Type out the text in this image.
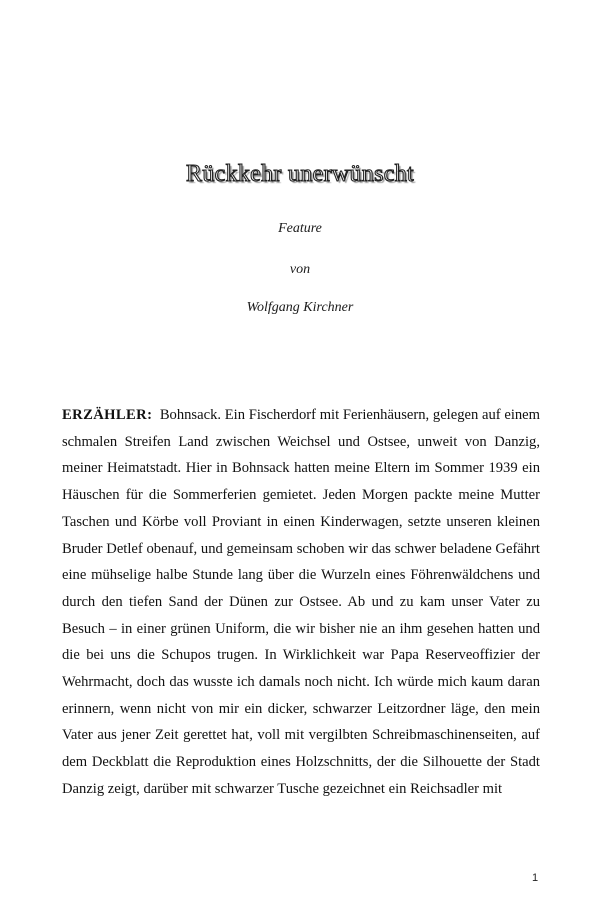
Rückkehr unerwünscht
Feature
von
Wolfgang Kirchner

ERZÄHLER: Bohnsack. Ein Fischerdorf mit Ferienhäusern, gelegen auf einem schmalen Streifen Land zwischen Weichsel und Ostsee, unweit von Danzig, meiner Heimatstadt. Hier in Bohnsack hatten meine Eltern im Sommer 1939 ein Häuschen für die Sommerferien gemietet. Jeden Morgen packte meine Mutter Taschen und Körbe voll Proviant in einen Kinderwagen, setzte unseren kleinen Bruder Detlef obenauf, und gemeinsam schoben wir das schwer beladene Gefährt eine mühselige halbe Stunde lang über die Wurzeln eines Föhrenwäldchens und durch den tiefen Sand der Dünen zur Ostsee. Ab und zu kam unser Vater zu Besuch – in einer grünen Uniform, die wir bisher nie an ihm gesehen hatten und die bei uns die Schupos trugen. In Wirklichkeit war Papa Reserveoffizier der Wehrmacht, doch das wusste ich damals noch nicht. Ich würde mich kaum daran erinnern, wenn nicht von mir ein dicker, schwarzer Leitzordner läge, den mein Vater aus jener Zeit gerettet hat, voll mit vergilbten Schreibmaschinenseiten, auf dem Deckblatt die Reproduktion eines Holzschnitts, der die Silhouette der Stadt Danzig zeigt, darüber mit schwarzer Tusche gezeichnet ein Reichsadler mit

1
